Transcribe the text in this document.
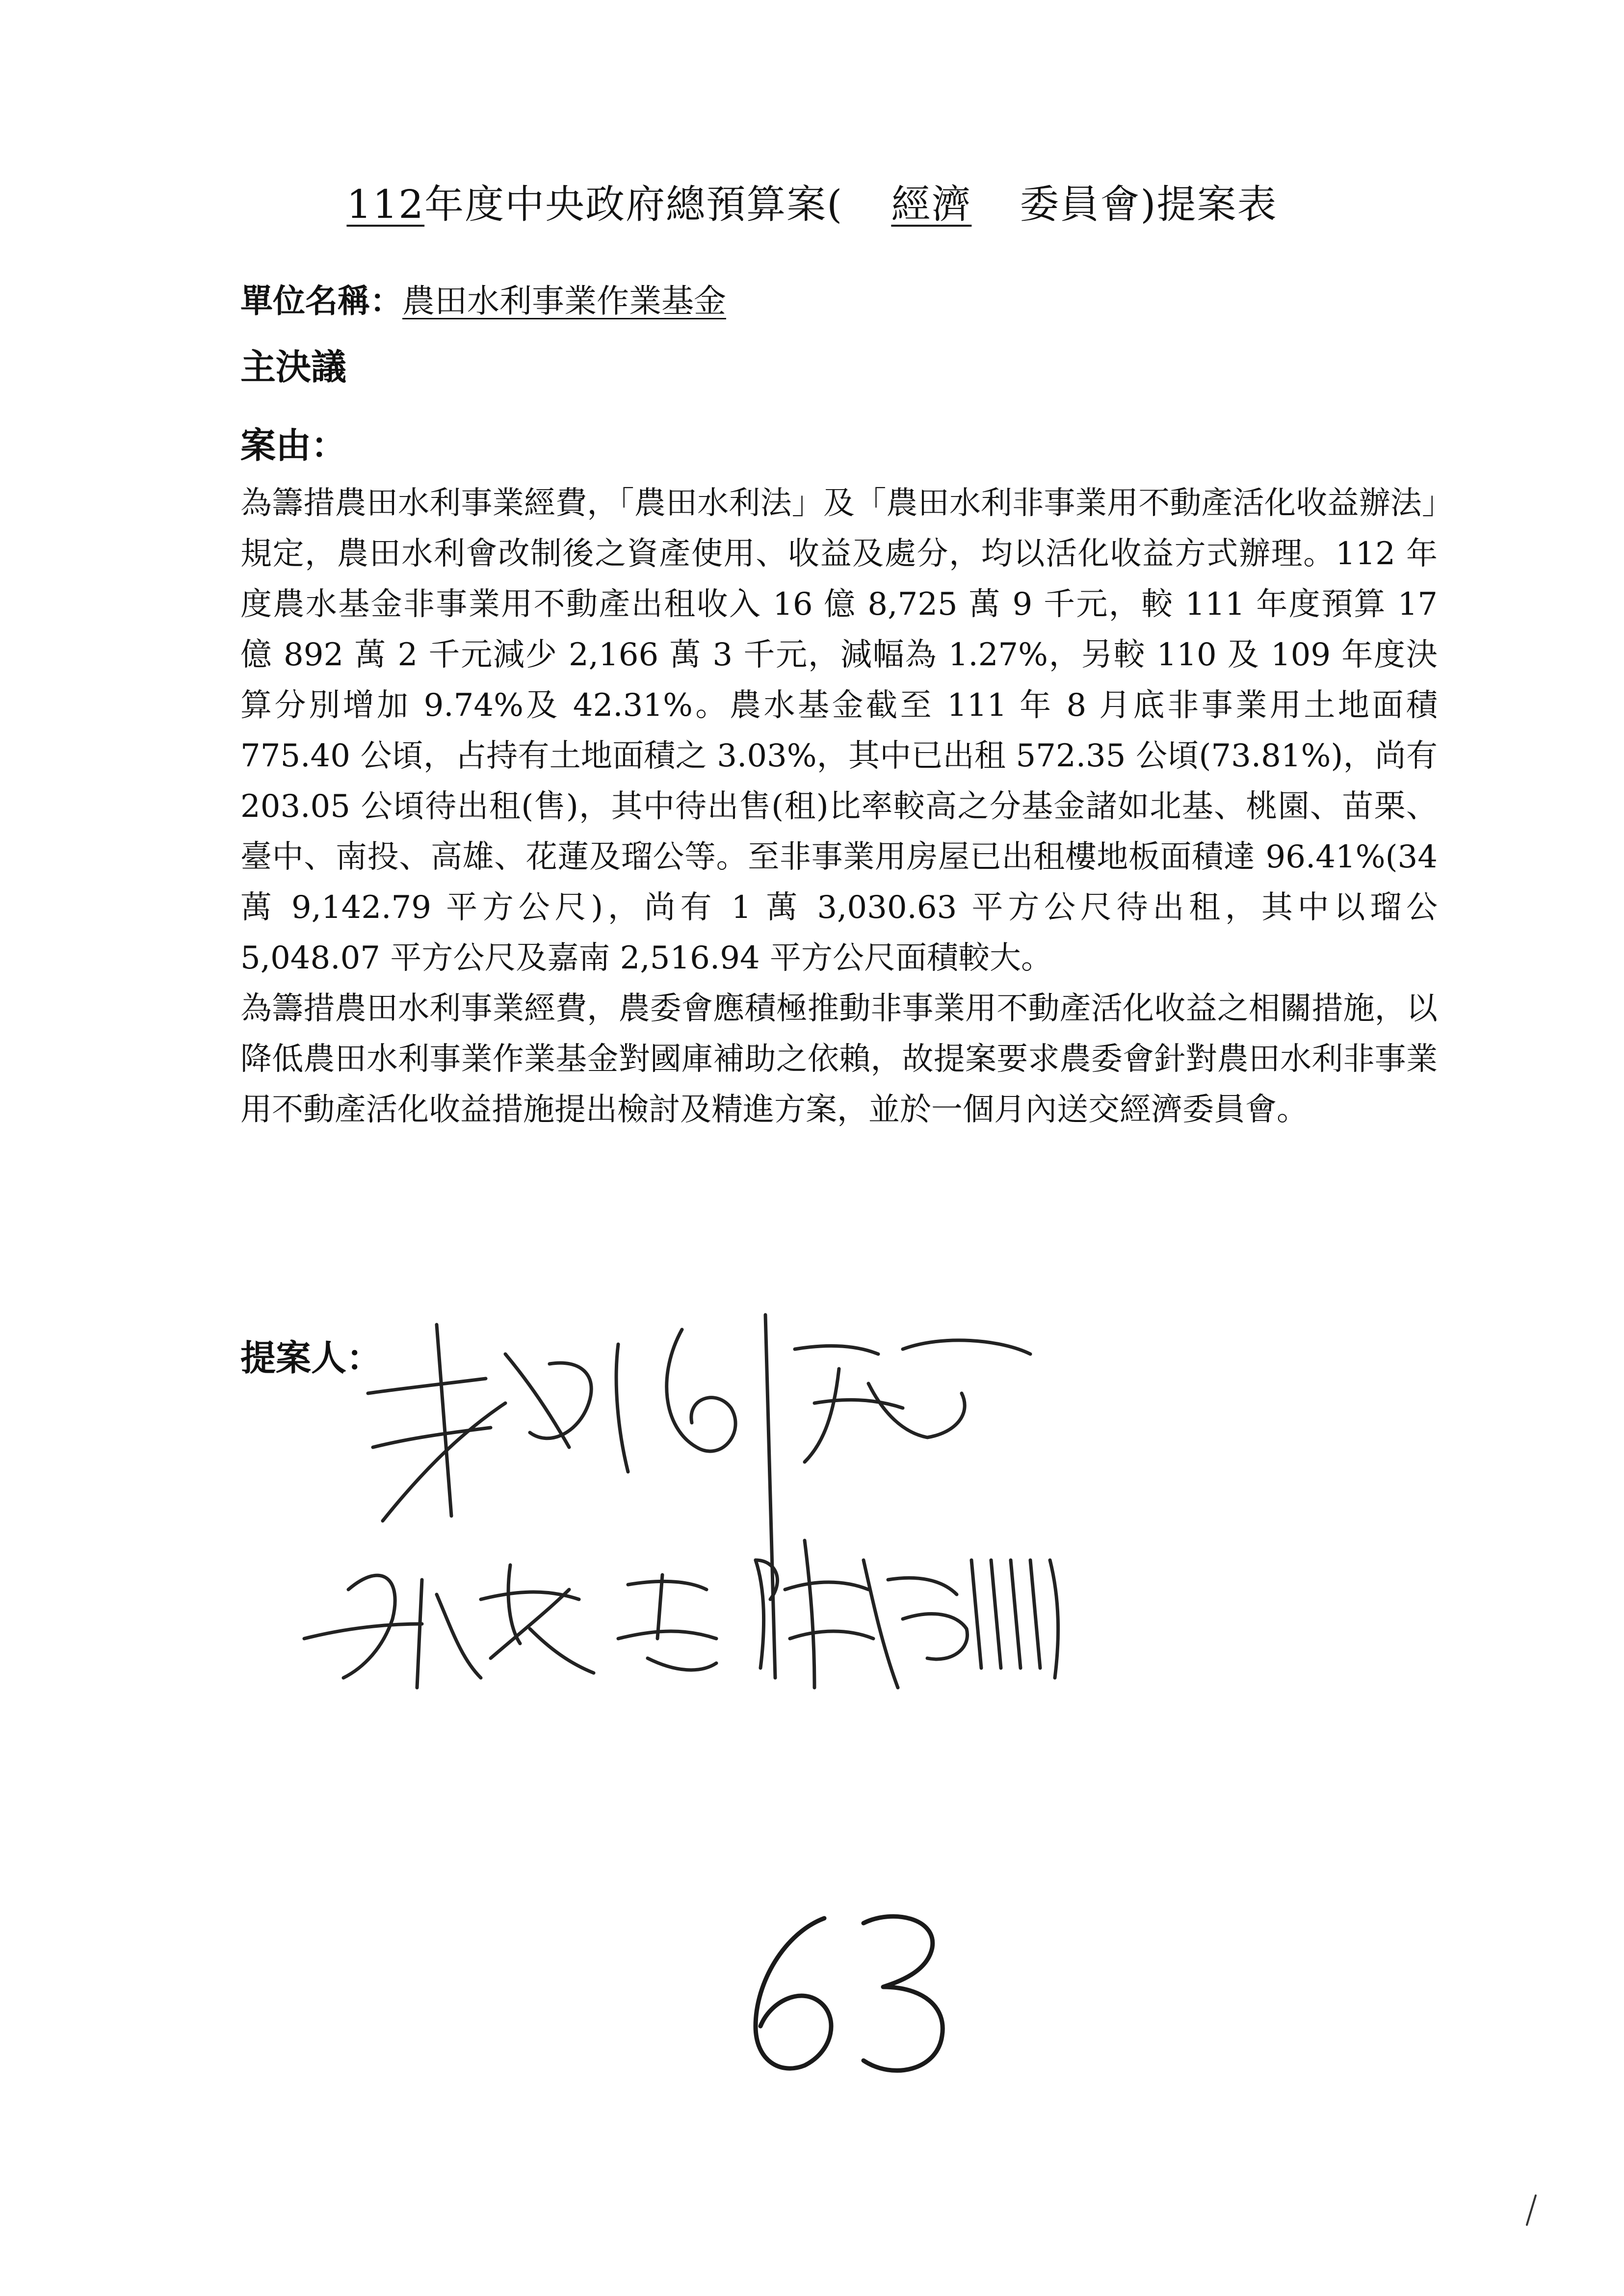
112年度中央政府總預算案( 經濟 委員會)提案表
單位名稱：農田水利事業作業基金
主決議
案由：

為籌措農田水利事業經費，「農田水利法」及「農田水利非事業用不動產活化收益辦法」規定，農田水利會改制後之資產使用、收益及處分，均以活化收益方式辦理。112 年度農水基金非事業用不動產出租收入 16 億 8,725 萬 9 千元，較 111 年度預算 17 億 892 萬 2 千元減少 2,166 萬 3 千元，減幅為 1.27%，另較 110 及 109 年度決算分別增加 9.74%及 42.31%。農水基金截至 111 年 8 月底非事業用土地面積 775.40 公頃，占持有土地面積之 3.03%，其中已出租 572.35 公頃(73.81%)，尚有 203.05 公頃待出租(售)，其中待出售(租)比率較高之分基金諸如北基、桃園、苗栗、臺中、南投、高雄、花蓮及瑠公等。至非事業用房屋已出租樓地板面積達 96.41%(34 萬 9,142.79 平方公尺)，尚有 1 萬 3,030.63 平方公尺待出租，其中以瑠公 5,048.07 平方公尺及嘉南 2,516.94 平方公尺面積較大。

為籌措農田水利事業經費，農委會應積極推動非事業用不動產活化收益之相關措施，以降低農田水利事業作業基金對國庫補助之依賴，故提案要求農委會針對農田水利非事業用不動產活化收益措施提出檢討及精進方案，並於一個月內送交經濟委員會。

提案人：
